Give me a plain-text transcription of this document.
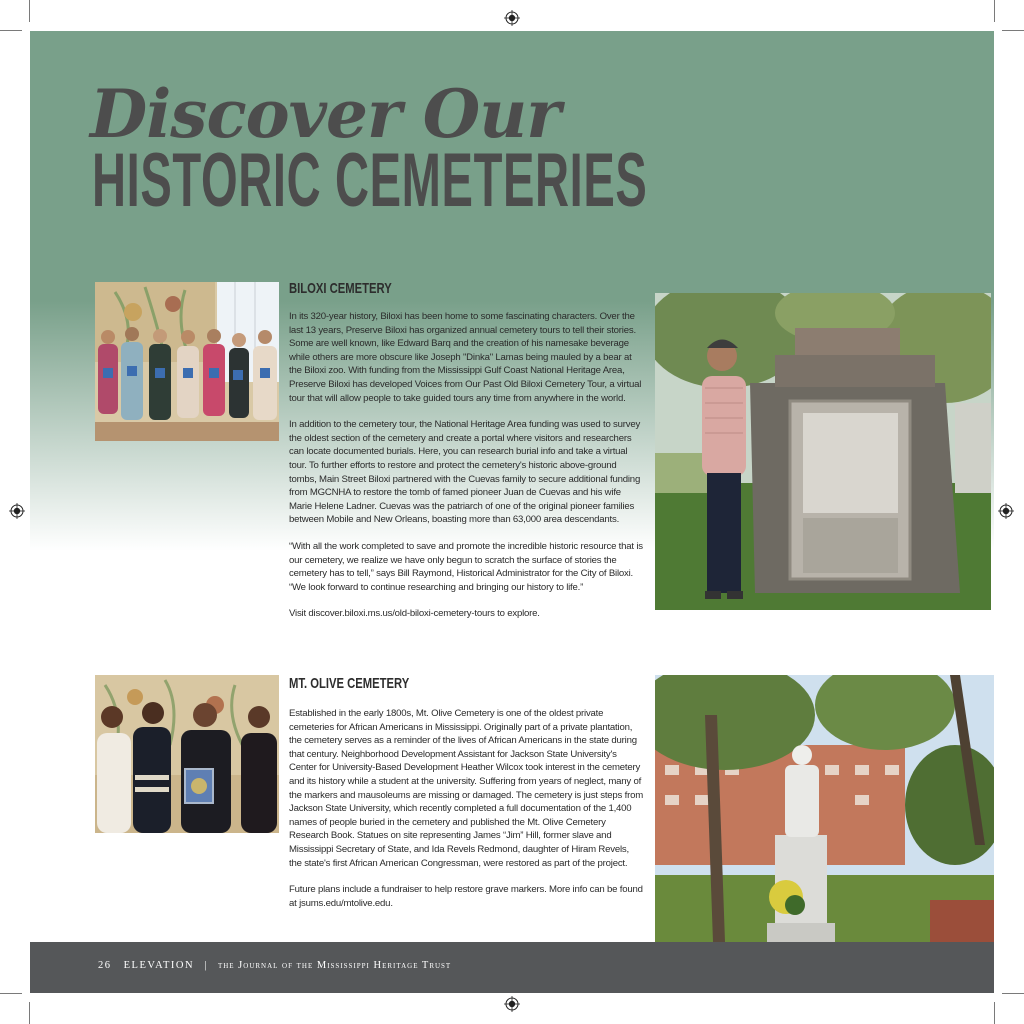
Discover Our
HISTORIC CEMETERIES
BILOXI CEMETERY

In its 320-year history, Biloxi has been home to some fascinating characters. Over the last 13 years, Preserve Biloxi has organized annual cemetery tours to tell their stories. Some are well known, like Edward Barq and the creation of his namesake beverage while others are more obscure like Joseph "Dinka" Lamas being mauled by a bear at the Biloxi zoo. With funding from the Mississippi Gulf Coast National Heritage Area, Preserve Biloxi has developed Voices from Our Past Old Biloxi Cemetery Tour, a virtual tour that will allow people to take guided tours any time from anywhere in the world.

In addition to the cemetery tour, the National Heritage Area funding was used to survey the oldest section of the cemetery and create a portal where visitors and researchers can locate documented burials. Here, you can research burial info and take a virtual tour. To further efforts to restore and protect the cemetery's historic above-ground tombs, Main Street Biloxi partnered with the Cuevas family to secure additional funding from MGCNHA to restore the tomb of famed pioneer Juan de Cuevas and his wife Marie Helene Ladner. Cuevas was the patriarch of one of the original pioneer families between Mobile and New Orleans, boasting more than 63,000 area descendants.

“With all the work completed to save and promote the incredible historic resource that is our cemetery, we realize we have only begun to scratch the surface of stories the cemetery has to tell,” says Bill Raymond, Historical Administrator for the City of Biloxi. “We look forward to continue researching and bringing our history to life.”

Visit discover.biloxi.ms.us/old-biloxi-cemetery-tours to explore.

MT. OLIVE CEMETERY

Established in the early 1800s, Mt. Olive Cemetery is one of the oldest private cemeteries for African Americans in Mississippi. Originally part of a private plantation, the cemetery serves as a reminder of the lives of African Americans in the state during that century. Neighborhood Development Assistant for Jackson State University's Center for University-Based Development Heather Wilcox took interest in the cemetery and its history while a student at the university. Suffering from years of neglect, many of the markers and mausoleums are missing or damaged. The cemetery is just steps from Jackson State University, which recently completed a full documentation of the 1,400 names of people buried in the cemetery and published the Mt. Olive Cemetery Research Book. Statues on site representing James “Jim” Hill, former slave and Mississippi Secretary of State, and Ida Revels Redmond, daughter of Hiram Revels, the state's first African American Congressman, were restored as part of the project.

Future plans include a fundraiser to help restore grave markers. More info can be found at jsums.edu/mtolive.edu.

26 ELEVATION | the Journal of the Mississippi Heritage Trust
